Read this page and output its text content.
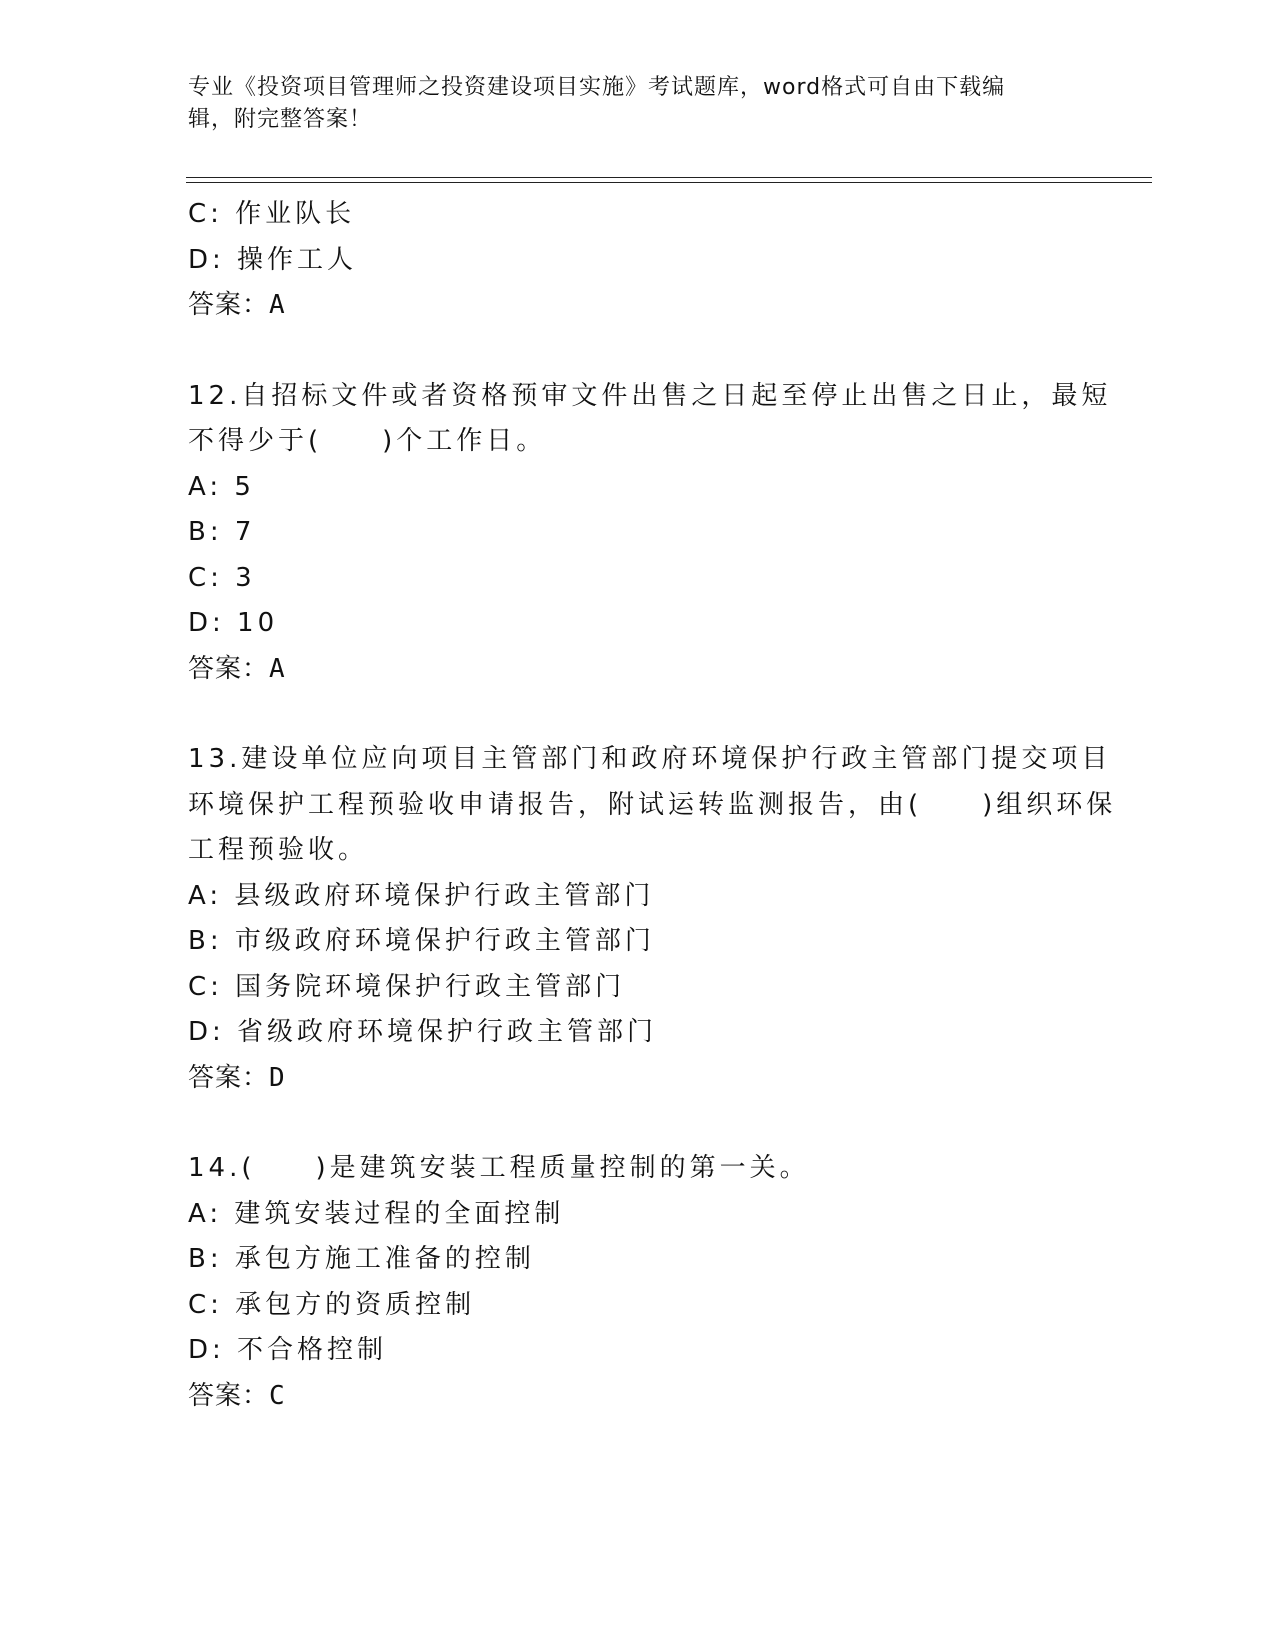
专业《投资项目管理师之投资建设项目实施》考试题库，word格式可自由下载编
辑，附完整答案！
C: 作业队长
D: 操作工人
答案：A
12.自招标文件或者资格预审文件出售之日起至停止出售之日止，最短
不得少于(　　)个工作日。
A: 5
B: 7
C: 3
D: 10
答案：A
13.建设单位应向项目主管部门和政府环境保护行政主管部门提交项目
环境保护工程预验收申请报告，附试运转监测报告，由(　　)组织环保
工程预验收。
A: 县级政府环境保护行政主管部门
B: 市级政府环境保护行政主管部门
C: 国务院环境保护行政主管部门
D: 省级政府环境保护行政主管部门
答案：D
14.(　　)是建筑安装工程质量控制的第一关。
A: 建筑安装过程的全面控制
B: 承包方施工准备的控制
C: 承包方的资质控制
D: 不合格控制
答案：C
